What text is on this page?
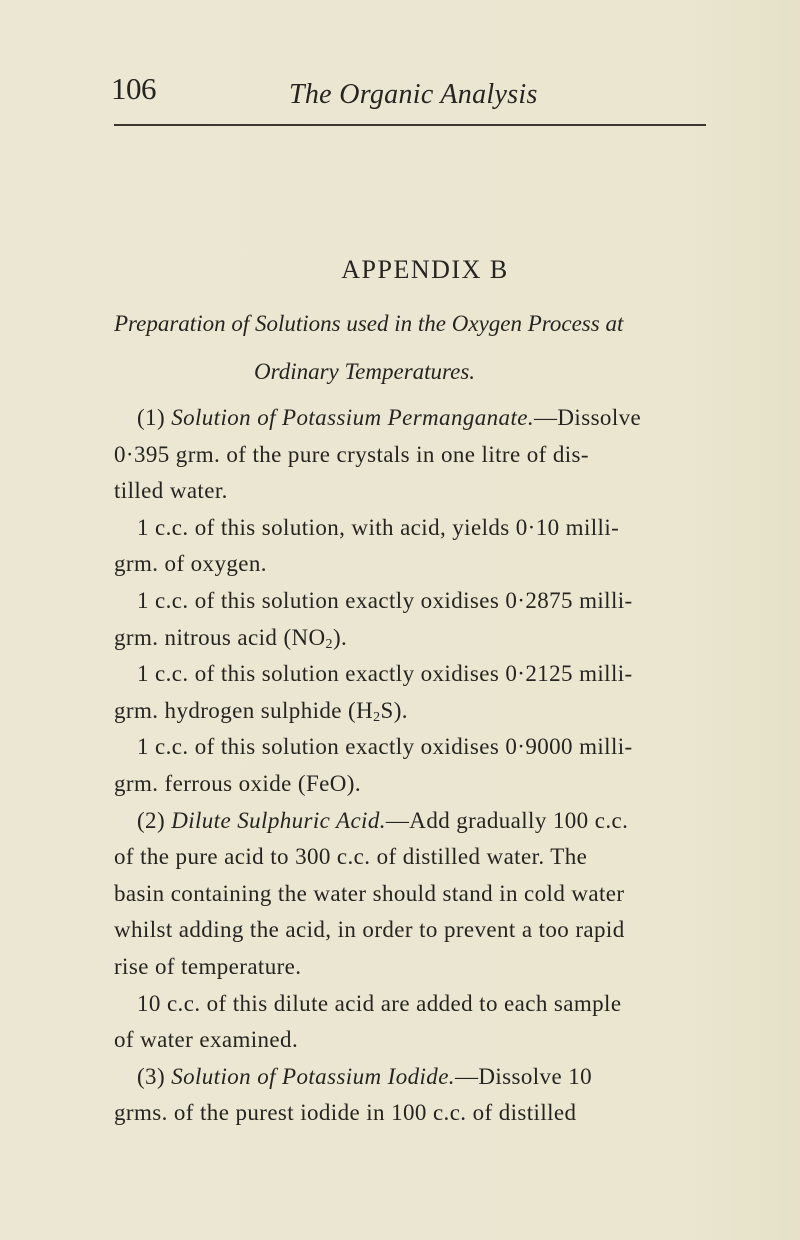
106	The Organic Analysis
APPENDIX B
Preparation of Solutions used in the Oxygen Process at
Ordinary Temperatures.
(1) Solution of Potassium Permanganate.—Dissolve
0·395 grm. of the pure crystals in one litre of dis-
tilled water.
1 c.c. of this solution, with acid, yields 0·10 milli-
grm. of oxygen.
1 c.c. of this solution exactly oxidises 0·2875 milli-
grm. nitrous acid $(NO_2)$.
1 c.c. of this solution exactly oxidises 0·2125 milli-
grm. hydrogen sulphide $(H_2S)$.
1 c.c. of this solution exactly oxidises 0·9000 milli-
grm. ferrous oxide (FeO).
(2) Dilute Sulphuric Acid.—Add gradually 100 c.c.
of the pure acid to 300 c.c. of distilled water. The
basin containing the water should stand in cold water
whilst adding the acid, in order to prevent a too rapid
rise of temperature.
10 c.c. of this dilute acid are added to each sample
of water examined.
(3) Solution of Potassium Iodide.—Dissolve 10
grms. of the purest iodide in 100 c.c. of distilled
